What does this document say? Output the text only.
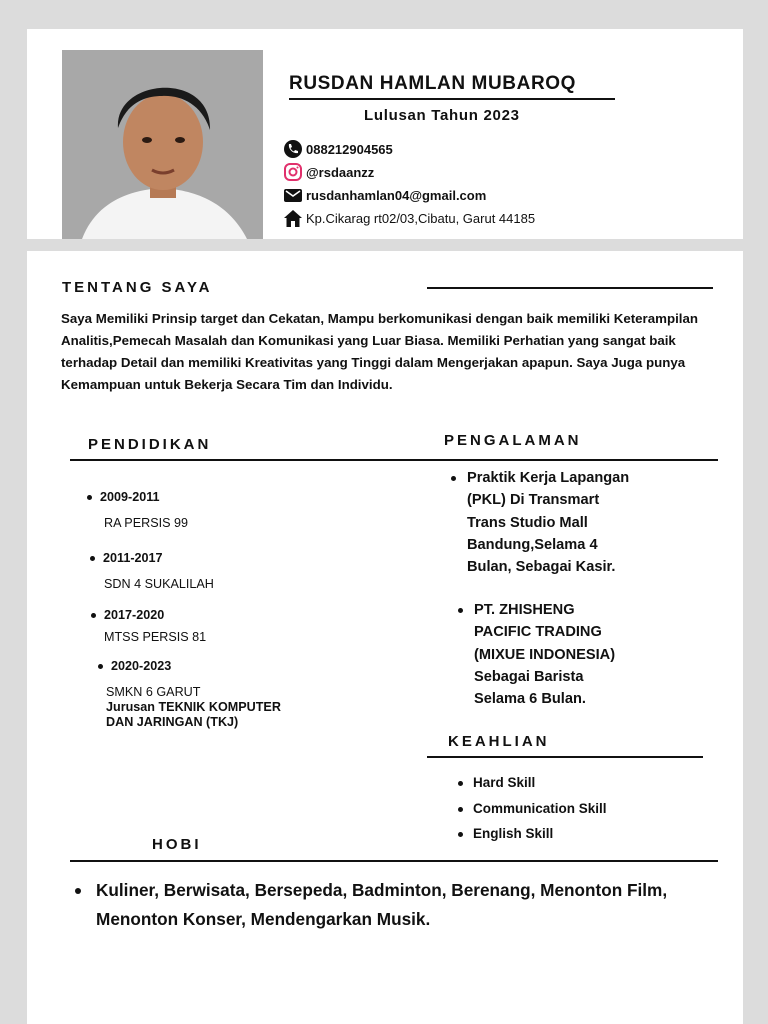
RUSDAN HAMLAN MUBAROQ
Lulusan Tahun 2023
088212904565
@rsdaanzz
rusdanhamlan04@gmail.com
Kp.Cikarag rt02/03,Cibatu, Garut 44185
TENTANG SAYA
Saya Memiliki Prinsip target dan Cekatan, Mampu berkomunikasi dengan baik memiliki Keterampilan Analitis,Pemecah Masalah dan Komunikasi yang Luar Biasa. Memiliki Perhatian yang sangat baik terhadap Detail dan memiliki Kreativitas yang Tinggi dalam Mengerjakan apapun. Saya Juga punya Kemampuan untuk Bekerja Secara Tim dan Individu.
PENDIDIKAN	PENGALAMAN
2009-2011
RA PERSIS 99
2011-2017
SDN 4 SUKALILAH
2017-2020
MTSS PERSIS 81
2020-2023
SMKN 6 GARUT
Jurusan TEKNIK KOMPUTER
DAN JARINGAN (TKJ)
Praktik Kerja Lapangan
(PKL) Di Transmart
Trans Studio Mall
Bandung,Selama 4
Bulan, Sebagai Kasir.
PT. ZHISHENG
PACIFIC TRADING
(MIXUE INDONESIA)
Sebagai Barista
Selama 6 Bulan.
KEAHLIAN
Hard Skill
Communication Skill
English Skill
HOBI
Kuliner, Berwisata, Bersepeda, Badminton, Berenang, Menonton Film, Menonton Konser, Mendengarkan Musik.
